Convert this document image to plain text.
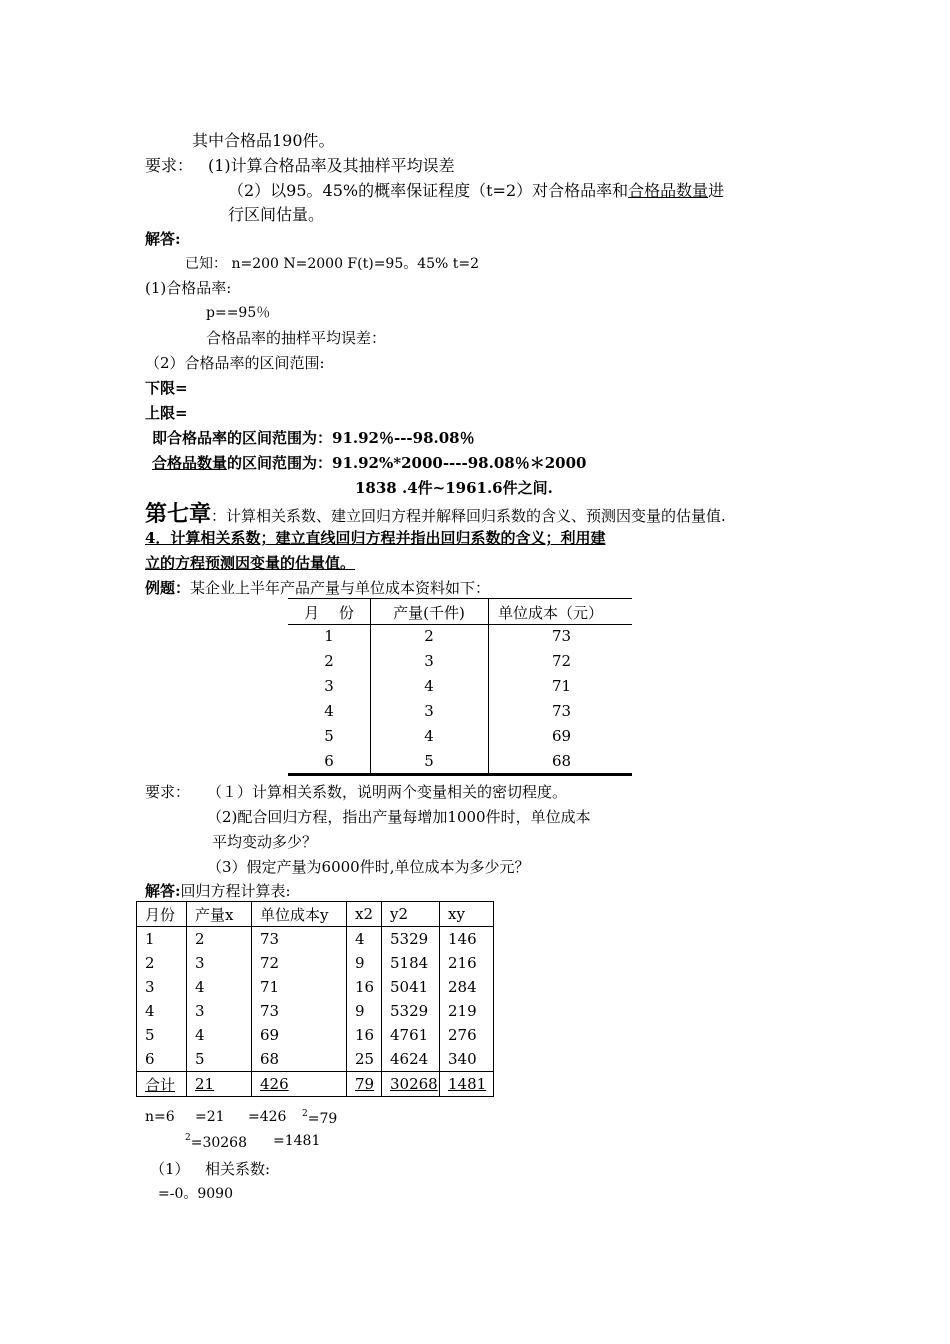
其中合格品190件。
要求： (1)计算合格品率及其抽样平均误差
（2）以95。45%的概率保证程度（t=2）对合格品率和合格品数量进
行区间估量。
解答:
已知： n=200 N=2000 F(t)=95。45% t=2
(1)合格品率:
p==95％
合格品率的抽样平均误差：
（2）合格品率的区间范围:
下限=
上限=
即合格品率的区间范围为：91.92％---98.08％
合格品数量的区间范围为：91.92%*2000----98.08％＊2000
1838 .4件~1961.6件之间.
第七章：计算相关系数、建立回归方程并解释回归系数的含义、预测因变量的估量值.
4．计算相关系数；建立直线回归方程并指出回归系数的含义；利用建
立的方程预测因变量的估量值。
例题：某企业上半年产品产量与单位成本资料如下：
月　 份	产量(千件)	单位成本（元）
1	2	73
2	3	72
3	4	71
4	3	73
5	4	69
6	5	68
要求： （１）计算相关系数，说明两个变量相关的密切程度。
（2)配合回归方程，指出产量每增加1000件时，单位成本
平均变动多少？
（3）假定产量为6000件时,单位成本为多少元？
解答:回归方程计算表:
月份	产量x	单位成本y	x2	y2	xy
1	2	73	4	5329	146
2	3	72	9	5184	216
3	4	71	16	5041	284
4	3	73	9	5329	219
5	4	69	16	4761	276
6	5	68	25	4624	340
合计	21	426	79	30268	1481
n=6 =21 =426 $^2$=79
$^2$=30268 =1481
（1） 相关系数:
=-0。9090
